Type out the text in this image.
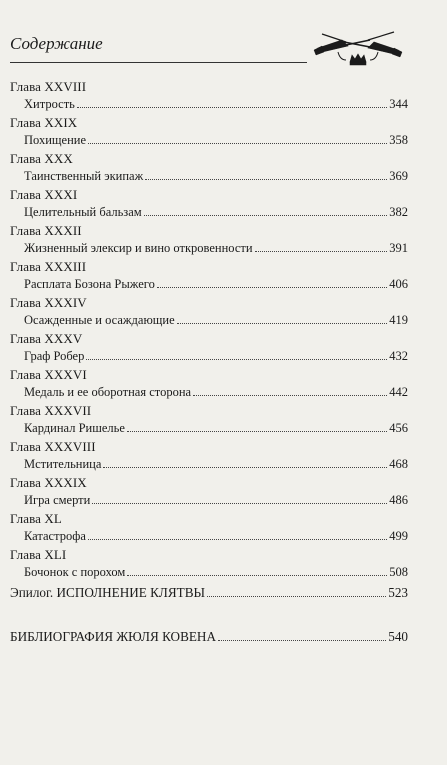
Содержание
Глава XXVIII
Хитрость	344
Глава XXIX
Похищение	358
Глава XXX
Таинственный экипаж	369
Глава XXXI
Целительный бальзам	382
Глава XXXII
Жизненный элексир и вино откровенности	391
Глава XXXIII
Расплата Бозона Рыжего	406
Глава XXXIV
Осажденные и осаждающие	419
Глава XXXV
Граф Робер	432
Глава XXXVI
Медаль и ее оборотная сторона	442
Глава XXXVII
Кардинал Ришелье	456
Глава XXXVIII
Мстительница	468
Глава XXXIX
Игра смерти	486
Глава XL
Катастрофа	499
Глава XLI
Бочонок с порохом	508
Эпилог. ИСПОЛНЕНИЕ КЛЯТВЫ	523
БИБЛИОГРАФИЯ ЖЮЛЯ КОВЕНА	540
